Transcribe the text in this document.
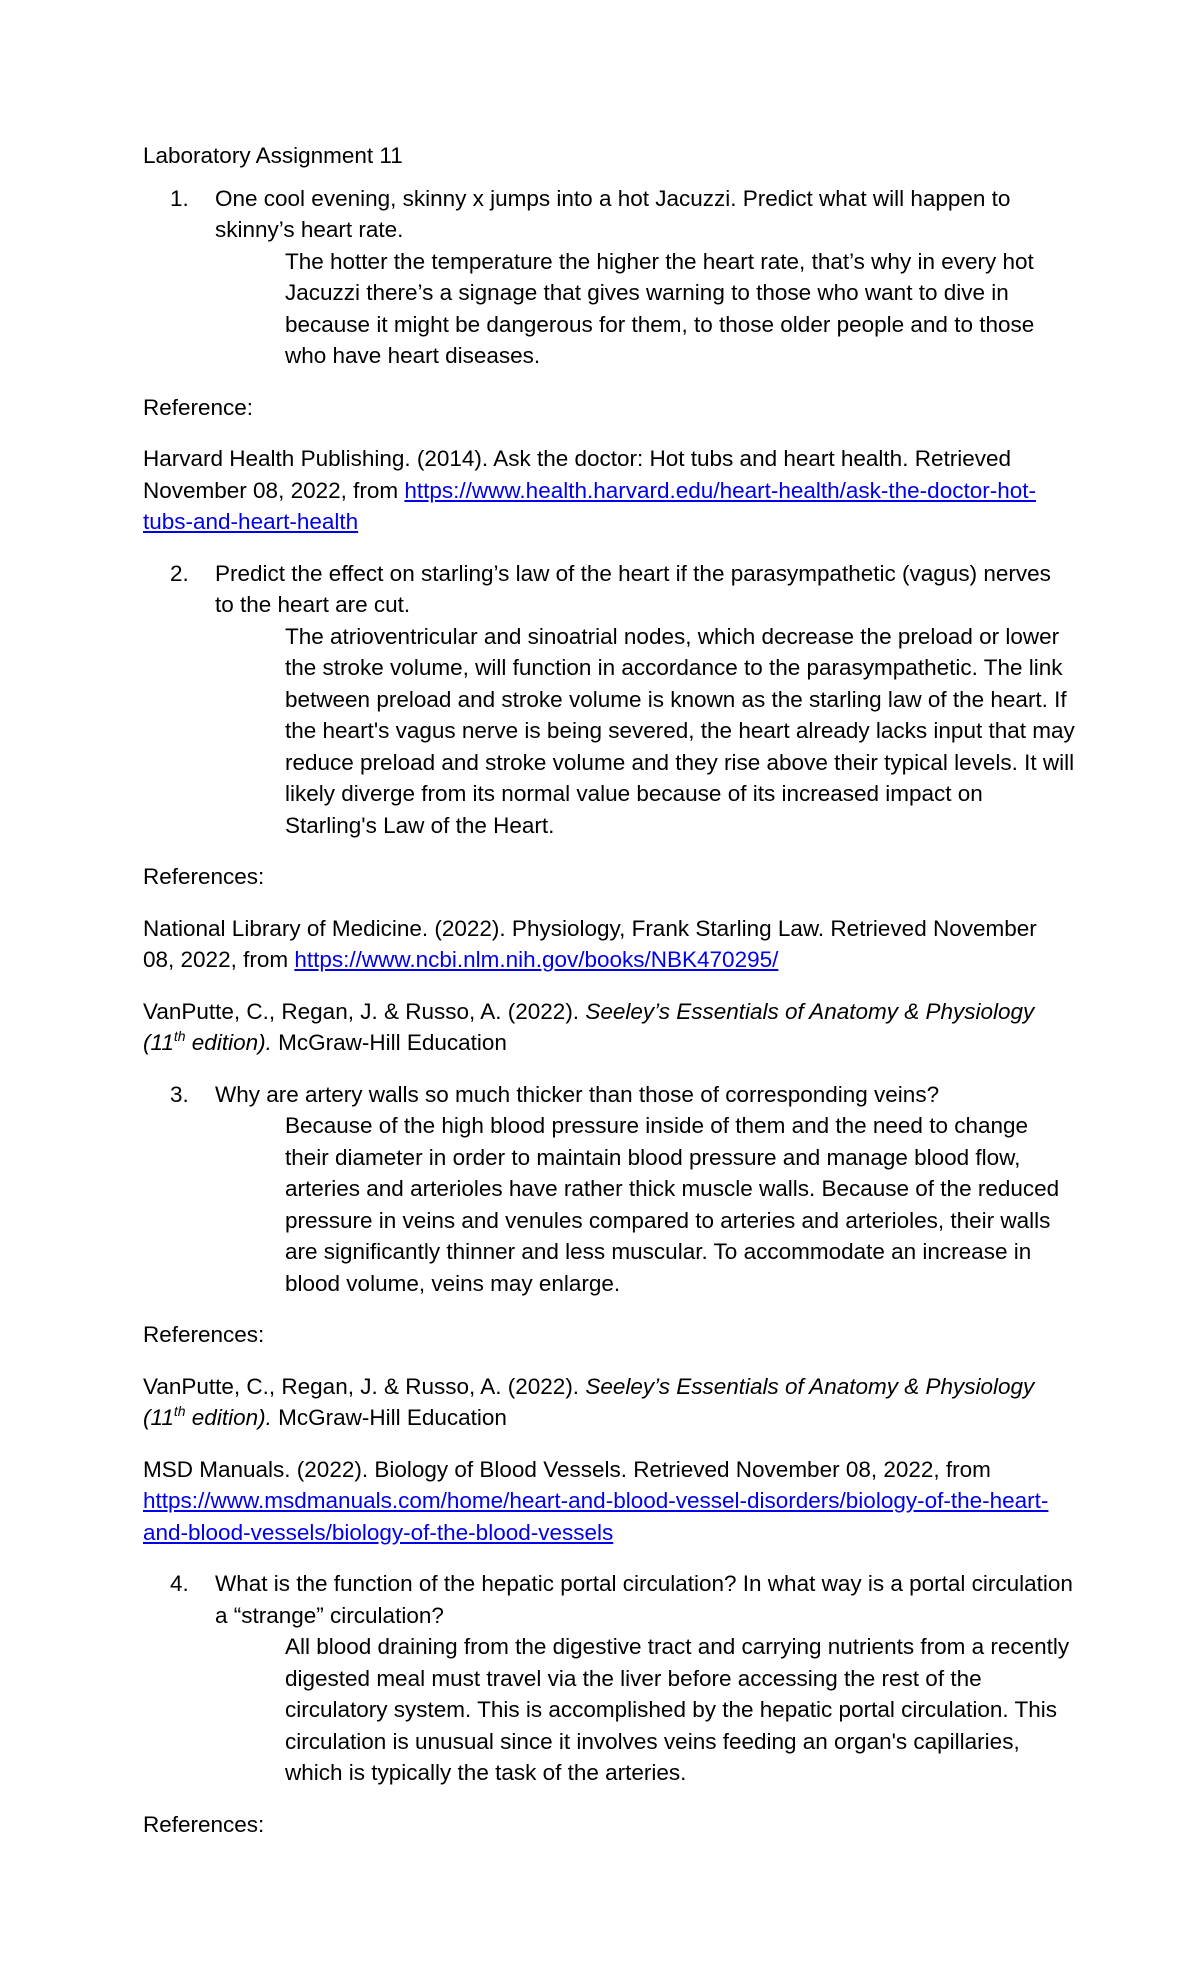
Laboratory Assignment 11

1.	One cool evening, skinny x jumps into a hot Jacuzzi. Predict what will happen to skinny’s heart rate.

The hotter the temperature the higher the heart rate, that’s why in every hot Jacuzzi there’s a signage that gives warning to those who want to dive in because it might be dangerous for them, to those older people and to those who have heart diseases.

Reference:

Harvard Health Publishing. (2014). Ask the doctor: Hot tubs and heart health. Retrieved November 08, 2022, from https://www.health.harvard.edu/heart-health/ask-the-doctor-hot-tubs-and-heart-health

2.	Predict the effect on starling’s law of the heart if the parasympathetic (vagus) nerves to the heart are cut.

The atrioventricular and sinoatrial nodes, which decrease the preload or lower the stroke volume, will function in accordance to the parasympathetic. The link between preload and stroke volume is known as the starling law of the heart. If the heart's vagus nerve is being severed, the heart already lacks input that may reduce preload and stroke volume and they rise above their typical levels. It will likely diverge from its normal value because of its increased impact on Starling's Law of the Heart.

References:

National Library of Medicine. (2022). Physiology, Frank Starling Law. Retrieved November 08, 2022, from https://www.ncbi.nlm.nih.gov/books/NBK470295/

VanPutte, C., Regan, J. & Russo, A. (2022). Seeley’s Essentials of Anatomy & Physiology (11th edition). McGraw-Hill Education

3.	Why are artery walls so much thicker than those of corresponding veins?

Because of the high blood pressure inside of them and the need to change their diameter in order to maintain blood pressure and manage blood flow, arteries and arterioles have rather thick muscle walls. Because of the reduced pressure in veins and venules compared to arteries and arterioles, their walls are significantly thinner and less muscular. To accommodate an increase in blood volume, veins may enlarge.

References:

VanPutte, C., Regan, J. & Russo, A. (2022). Seeley’s Essentials of Anatomy & Physiology (11th edition). McGraw-Hill Education

MSD Manuals. (2022). Biology of Blood Vessels. Retrieved November 08, 2022, from https://www.msdmanuals.com/home/heart-and-blood-vessel-disorders/biology-of-the-heart-and-blood-vessels/biology-of-the-blood-vessels

4.	What is the function of the hepatic portal circulation? In what way is a portal circulation a “strange” circulation?

All blood draining from the digestive tract and carrying nutrients from a recently digested meal must travel via the liver before accessing the rest of the circulatory system. This is accomplished by the hepatic portal circulation. This circulation is unusual since it involves veins feeding an organ's capillaries, which is typically the task of the arteries.

References:
